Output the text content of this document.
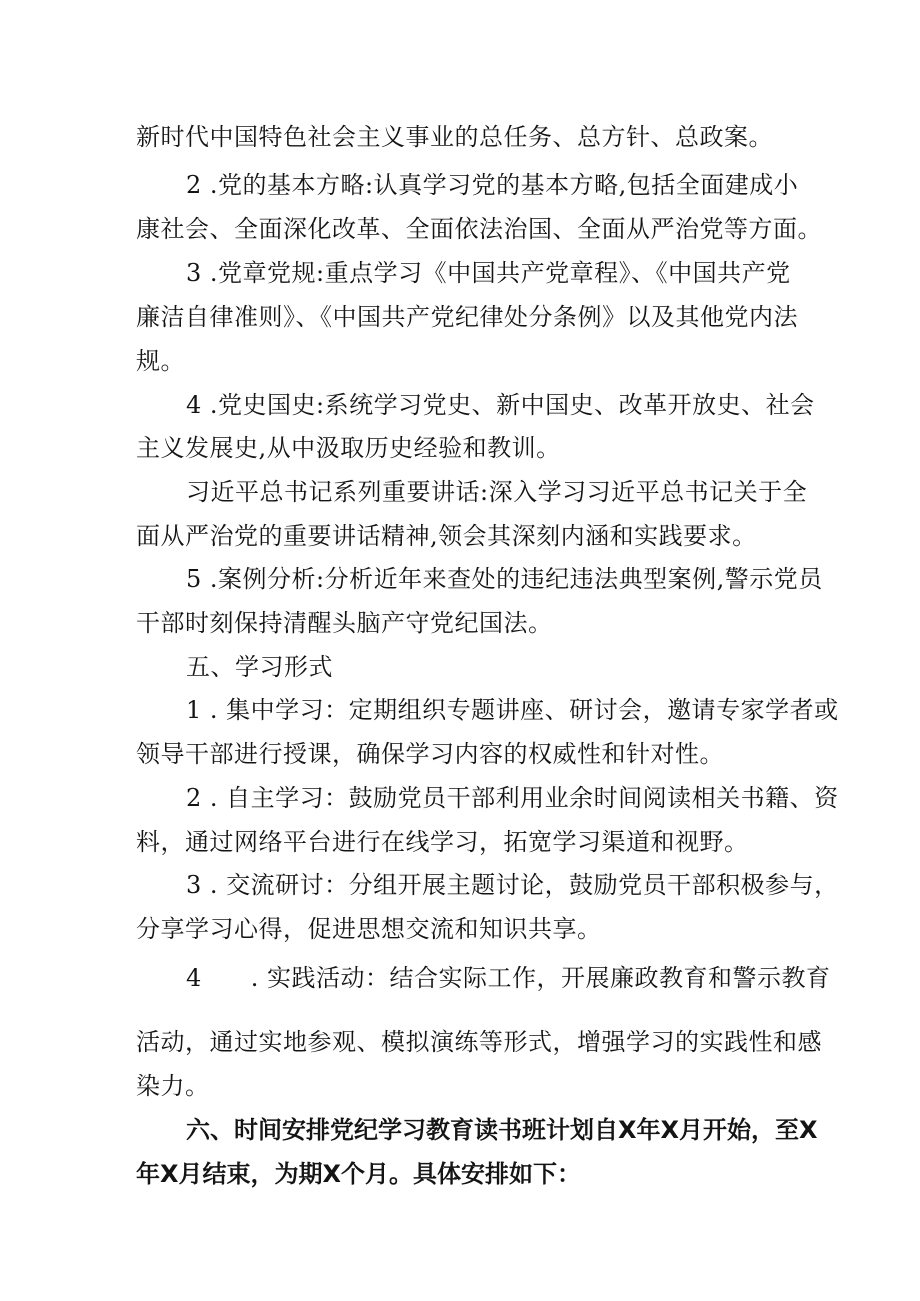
新时代中国特色社会主义事业的总任务、总方针、总政案。
2 .党的基本方略:认真学习党的基本方略,包括全面建成小
康社会、全面深化改革、全面依法治国、全面从严治党等方面。
3 .党章党规:重点学习《中国共产党章程》、《中国共产党
廉洁自律准则》、《中国共产党纪律处分条例》以及其他党内法
规。
4 .党史国史:系统学习党史、新中国史、改革开放史、社会
主义发展史,从中汲取历史经验和教训。
习近平总书记系列重要讲话:深入学习习近平总书记关于全
面从严治党的重要讲话精神,领会其深刻内涵和实践要求。
5 .案例分析:分析近年来查处的违纪违法典型案例,警示党员
干部时刻保持清醒头脑产守党纪国法。
五、学习形式
1 . 集中学习：定期组织专题讲座、研讨会，邀请专家学者或
领导干部进行授课，确保学习内容的权威性和针对性。
2 . 自主学习：鼓励党员干部利用业余时间阅读相关书籍、资
料，通过网络平台进行在线学习，拓宽学习渠道和视野。
3 . 交流研讨：分组开展主题讨论，鼓励党员干部积极参与，
分享学习心得，促进思想交流和知识共享。
4　　. 实践活动：结合实际工作，开展廉政教育和警示教育
活动，通过实地参观、模拟演练等形式，增强学习的实践性和感
染力。
六、时间安排党纪学习教育读书班计划自X年X月开始，至X
年X月结束，为期X个月。具体安排如下：
